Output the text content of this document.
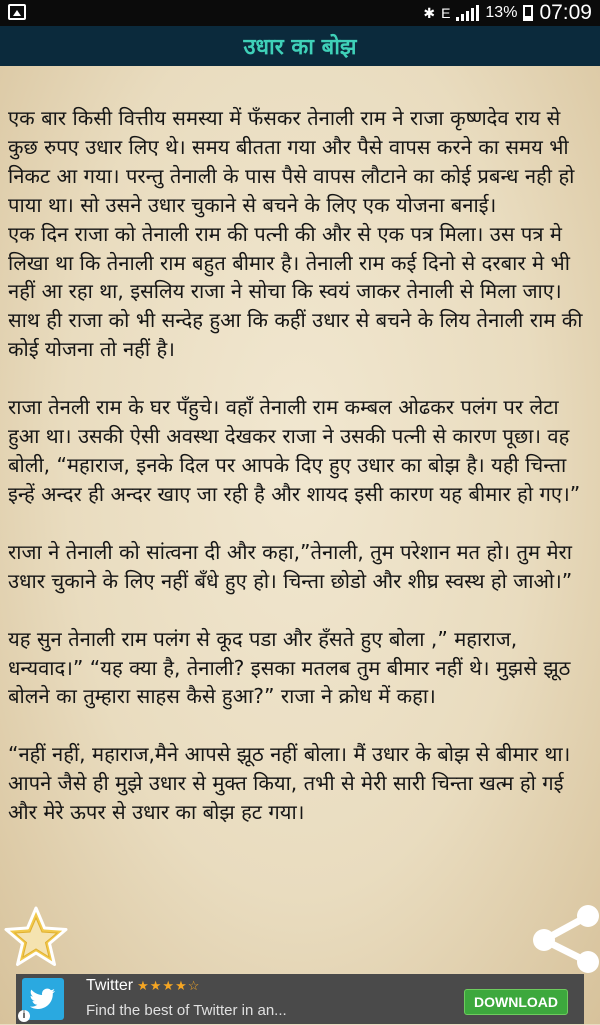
✱ E 13% 07:09
उधार का बोझ

एक बार किसी वित्तीय समस्या में फँसकर तेनाली राम ने राजा कृष्णदेव राय से कुछ रुपए उधार लिए थे। समय बीतता गया और पैसे वापस करने का समय भी निकट आ गया। परन्तु तेनाली के पास पैसे वापस लौटाने का कोई प्रबन्ध नही हो पाया था। सो उसने उधार चुकाने से बचने के लिए एक योजना बनाई।
एक दिन राजा को तेनाली राम की पत्नी की और से एक पत्र मिला। उस पत्र मे लिखा था कि तेनाली राम बहुत बीमार है। तेनाली राम कई दिनो से दरबार मे भी नहीं आ रहा था, इसलिय राजा ने सोचा कि स्वयं जाकर तेनाली से मिला जाए। साथ ही राजा को भी सन्देह हुआ कि कहीं उधार से बचने के लिय तेनाली राम की कोई योजना तो नहीं है।

राजा तेनली राम के घर पँहुचे। वहाँ तेनाली राम कम्बल ओढकर पलंग पर लेटा हुआ था। उसकी ऐसी अवस्था देखकर राजा ने उसकी पत्नी से कारण पूछा। वह बोली, “महाराज, इनके दिल पर आपके दिए हुए उधार का बोझ है। यही चिन्ता इन्हें अन्दर ही अन्दर खाए जा रही है और शायद इसी कारण यह बीमार हो गए।”

राजा ने तेनाली को सांत्वना दी और कहा,”तेनाली, तुम परेशान मत हो। तुम मेरा उधार चुकाने के लिए नहीं बँधे हुए हो। चिन्ता छोडो और शीघ्र स्वस्थ हो जाओ।”

यह सुन तेनाली राम पलंग से कूद पडा और हँसते हुए बोला ,” महाराज, धन्यवाद।” “यह क्या है, तेनाली? इसका मतलब तुम बीमार नहीं थे। मुझसे झूठ बोलने का तुम्हारा साहस कैसे हुआ?” राजा ने क्रोध में कहा।

“नहीं नहीं, महाराज,मैने आपसे झूठ नहीं बोला। मैं उधार के बोझ से बीमार था। आपने जैसे ही मुझे उधार से मुक्त किया, तभी से मेरी सारी चिन्ता खत्म हो गई और मेरे ऊपर से उधार का बोझ हट गया।

Twitter ★★★★☆
Find the best of Twitter in an...	DOWNLOAD
i
